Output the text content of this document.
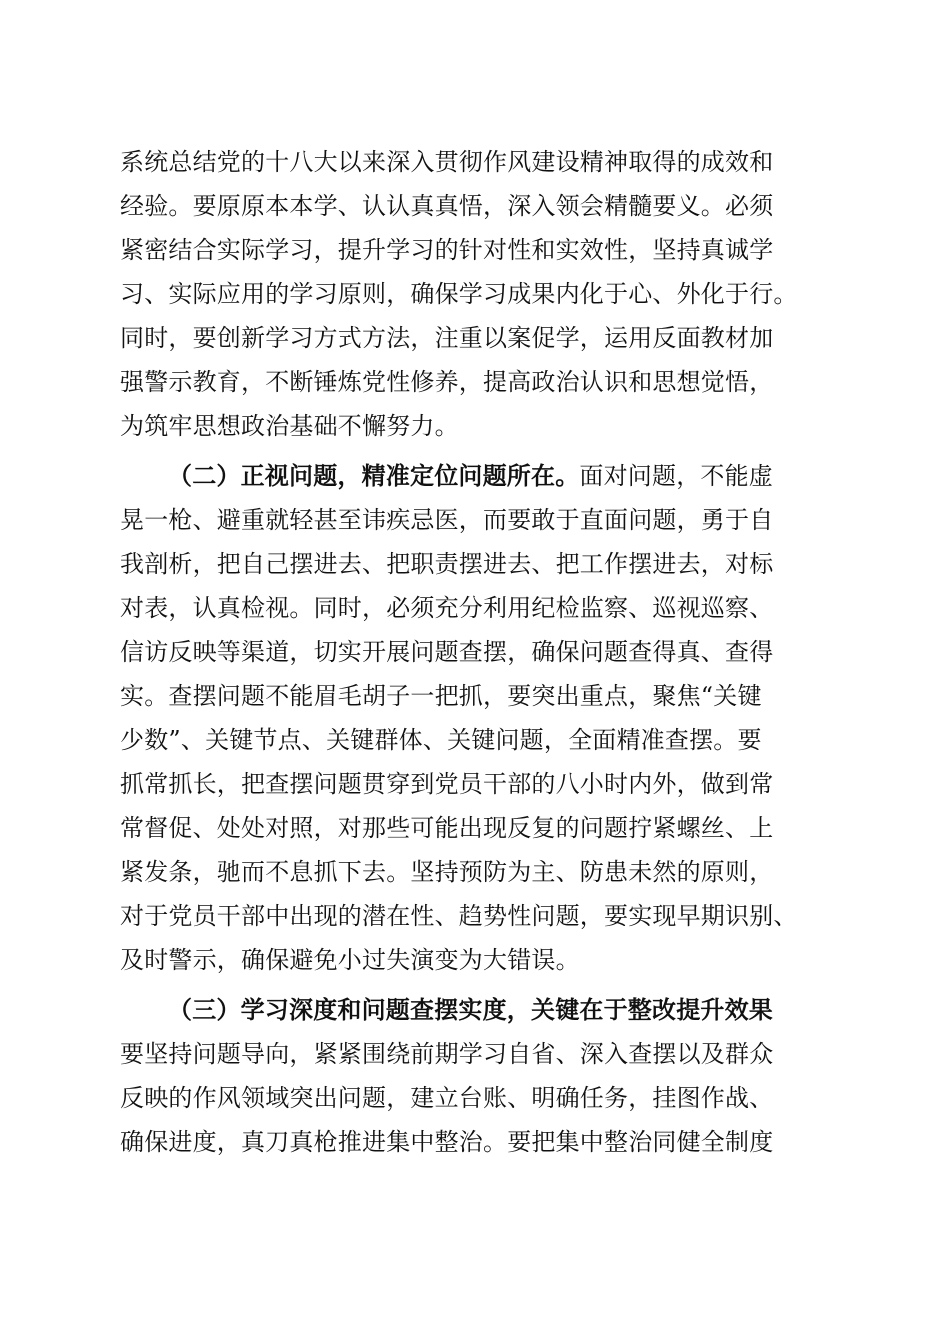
系统总结党的十八大以来深入贯彻作风建设精神取得的成效和
经验。要原原本本学、认认真真悟，深入领会精髓要义。必须
紧密结合实际学习，提升学习的针对性和实效性，坚持真诚学
习、实际应用的学习原则，确保学习成果内化于心、外化于行。
同时，要创新学习方式方法，注重以案促学，运用反面教材加
强警示教育，不断锤炼党性修养，提高政治认识和思想觉悟，
为筑牢思想政治基础不懈努力。
（二）正视问题，精准定位问题所在。面对问题，不能虚
晃一枪、避重就轻甚至讳疾忌医，而要敢于直面问题，勇于自
我剖析，把自己摆进去、把职责摆进去、把工作摆进去，对标
对表，认真检视。同时，必须充分利用纪检监察、巡视巡察、
信访反映等渠道，切实开展问题查摆，确保问题查得真、查得
实。查摆问题不能眉毛胡子一把抓，要突出重点，聚焦“关键
少数”、关键节点、关键群体、关键问题，全面精准查摆。要
抓常抓长，把查摆问题贯穿到党员干部的八小时内外，做到常
常督促、处处对照，对那些可能出现反复的问题拧紧螺丝、上
紧发条，驰而不息抓下去。坚持预防为主、防患未然的原则，
对于党员干部中出现的潜在性、趋势性问题，要实现早期识别、
及时警示，确保避免小过失演变为大错误。
（三）学习深度和问题查摆实度，关键在于整改提升效果
要坚持问题导向，紧紧围绕前期学习自省、深入查摆以及群众
反映的作风领域突出问题，建立台账、明确任务，挂图作战、
确保进度，真刀真枪推进集中整治。要把集中整治同健全制度
